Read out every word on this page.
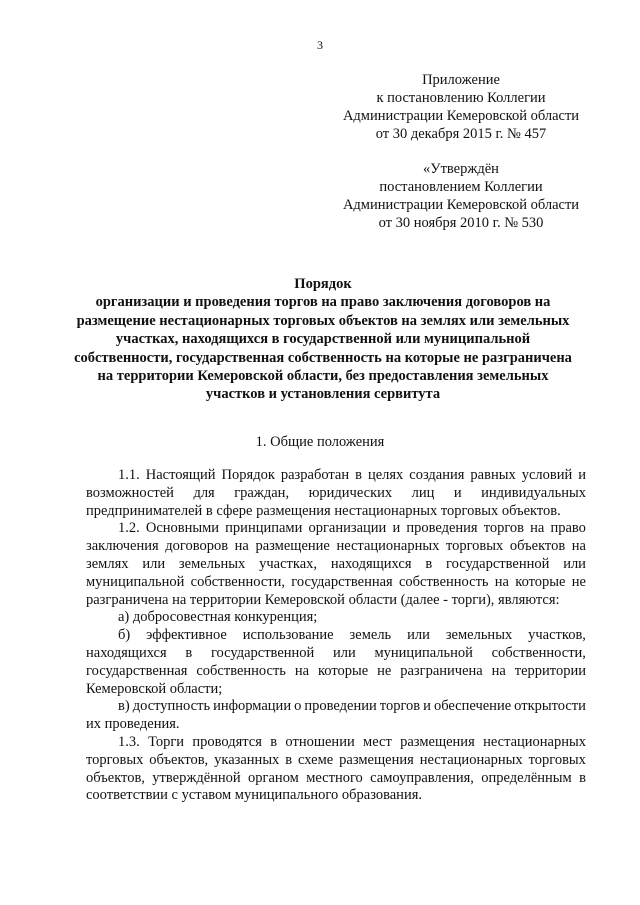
3
Приложение
к постановлению Коллегии
Администрации Кемеровской области
от 30 декабря 2015 г. № 457
«Утверждён
постановлением Коллегии
Администрации Кемеровской области
от 30 ноября 2010 г. № 530
Порядок
организации и проведения торгов на право заключения договоров на
размещение нестационарных торговых объектов на землях или земельных
участках, находящихся в государственной или муниципальной
собственности, государственная собственность на которые не разграничена
на территории Кемеровской области, без предоставления земельных
участков и установления сервитута
1. Общие положения
1.1. Настоящий Порядок разработан в целях создания равных условий и
возможностей для граждан, юридических лиц и индивидуальных
предпринимателей в сфере размещения нестационарных торговых объектов.
1.2. Основными принципами организации и проведения торгов на право
заключения договоров на размещение нестационарных торговых объектов на
землях или земельных участках, находящихся в государственной или
муниципальной собственности, государственная собственность на которые не
разграничена на территории Кемеровской области (далее - торги), являются:
а) добросовестная конкуренция;
б) эффективное использование земель или земельных участков,
находящихся в государственной или муниципальной собственности,
государственная собственность на которые не разграничена на территории
Кемеровской области;
в) доступность информации о проведении торгов и обеспечение открытости
их проведения.
1.3. Торги проводятся в отношении мест размещения нестационарных
торговых объектов, указанных в схеме размещения нестационарных торговых
объектов, утверждённой органом местного самоуправления, определённым в
соответствии с уставом муниципального образования.
